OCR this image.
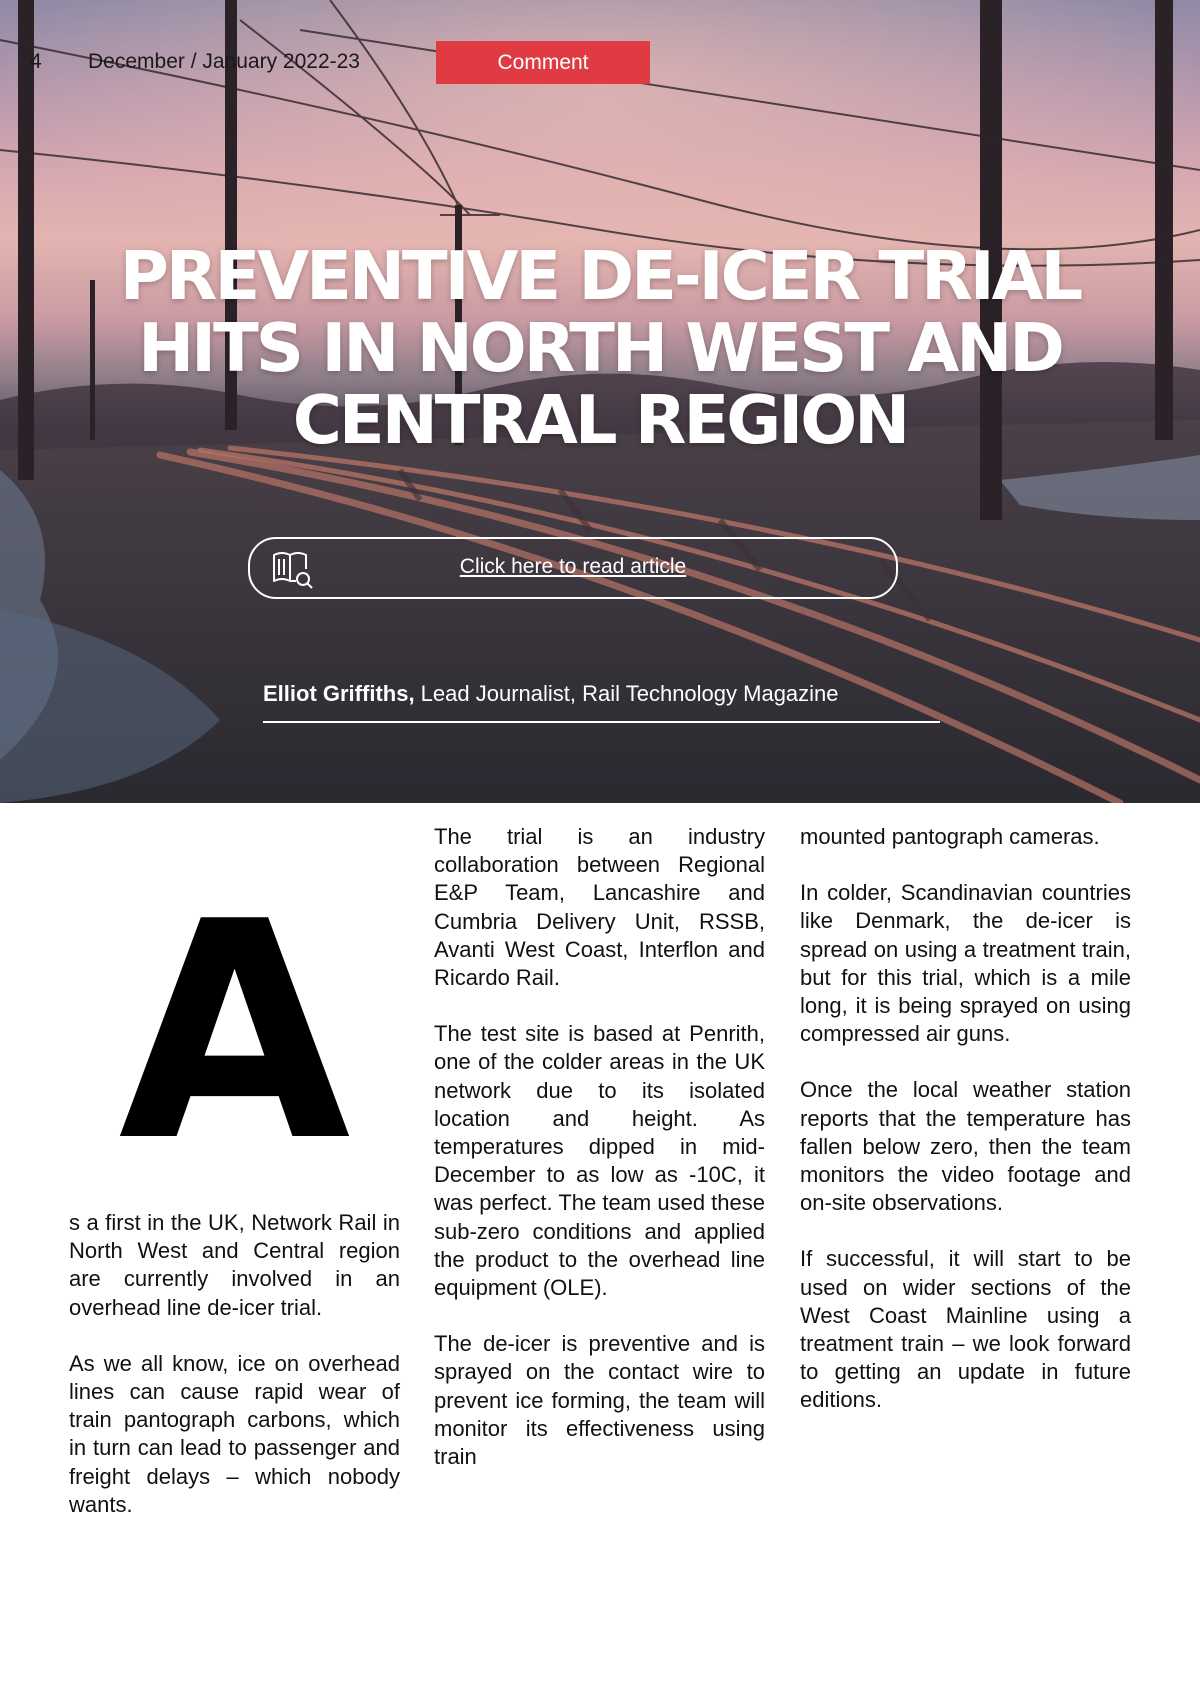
4 December / January 2022-23	Comment
PREVENTIVE DE-ICER TRIAL
HITS IN NORTH WEST AND
CENTRAL REGION
Click here to read article
Elliot Griffiths, Lead Journalist, Rail Technology Magazine
A

s a first in the UK, Network Rail in North West and Central region are currently involved in an overhead line de-icer trial.

As we all know, ice on overhead lines can cause rapid wear of train pantograph carbons, which in turn can lead to passenger and freight delays – which nobody wants.

The trial is an industry collaboration between Regional E&P Team, Lancashire and Cumbria Delivery Unit, RSSB, Avanti West Coast, Interflon and Ricardo Rail.

The test site is based at Penrith, one of the colder areas in the UK network due to its isolated location and height. As temperatures dipped in mid- December to as low as -10C, it was perfect. The team used these sub-zero conditions and applied the product to the overhead line equipment (OLE).

The de-icer is preventive and is sprayed on the contact wire to prevent ice forming, the team will monitor its effectiveness using train

mounted pantograph cameras.

In colder, Scandinavian countries like Denmark, the de-icer is spread on using a treatment train, but for this trial, which is a mile long, it is being sprayed on using compressed air guns.

Once the local weather station reports that the temperature has fallen below zero, then the team monitors the video footage and on-site observations.

If successful, it will start to be used on wider sections of the West Coast Mainline using a treatment train – we look forward to getting an update in future editions.
